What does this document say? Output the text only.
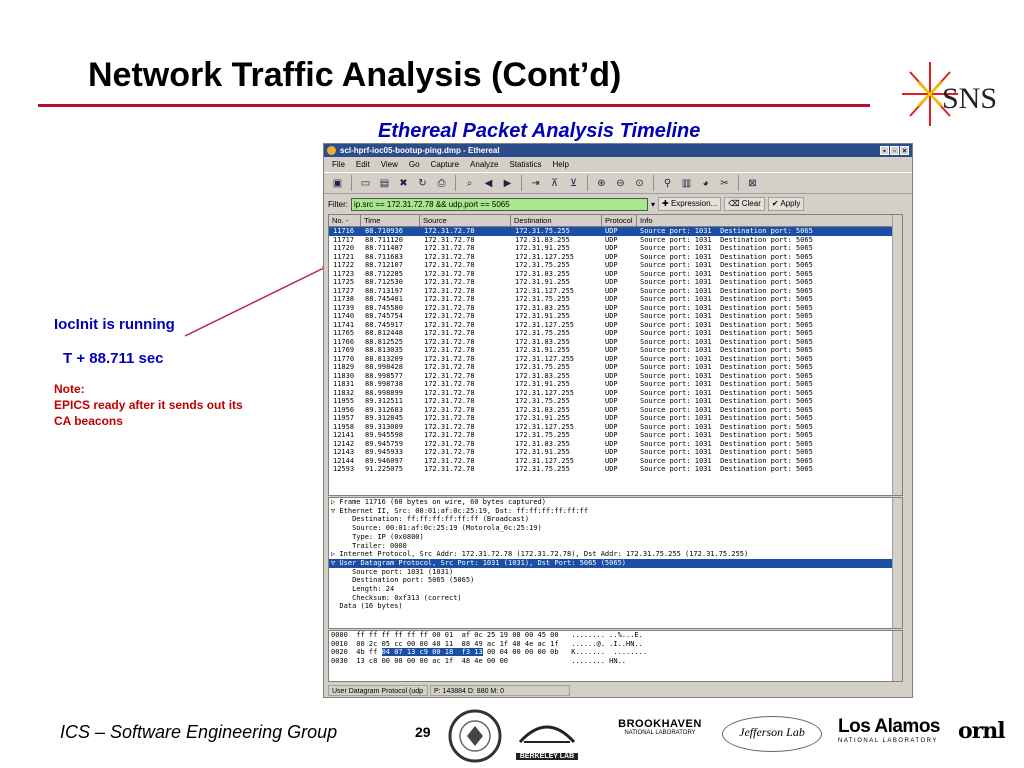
Network Traffic Analysis (Cont’d)
SNS
Ethereal Packet Analysis Timeline
IocInit is running
T + 88.711 sec
Note:
EPICS ready after it sends out its CA beacons
scl-hprf-ioc05-bootup-ping.dmp - Ethereal	▪	▫ ×
File Edit View Go Capture Analyze Statistics Help
▣ ▭ ▤	✖	↻	⎙	⌕	◀	▶	⇥	⊼	⊻	⊕	⊖	⊙	⚲	▥	◕	✂	⊠
Filter: ip.src == 172.31.72.78 && udp.port == 5065	▾ ✚ Expression...	⌫ Clear	✔ Apply
No. -	Time	Source	Destination	Protocol Info
11716	88.710936	172.31.72.78	172.31.75.255	UDP	Source port: 1031  Destination port: 5065
11717	88.711120	172.31.72.78	172.31.83.255	UDP	Source port: 1031  Destination port: 5065
11720	88.711487	172.31.72.78	172.31.91.255	UDP	Source port: 1031  Destination port: 5065
11721	88.711683	172.31.72.78	172.31.127.255	UDP	Source port: 1031  Destination port: 5065
11722	88.712107	172.31.72.78	172.31.75.255	UDP	Source port: 1031  Destination port: 5065
11723	88.712285	172.31.72.78	172.31.83.255	UDP	Source port: 1031  Destination port: 5065
11725	88.712530	172.31.72.78	172.31.91.255	UDP	Source port: 1031  Destination port: 5065
11727	88.713197	172.31.72.78	172.31.127.255	UDP	Source port: 1031  Destination port: 5065
11738	88.745401	172.31.72.78	172.31.75.255	UDP	Source port: 1031  Destination port: 5065
11739	88.745580	172.31.72.78	172.31.83.255	UDP	Source port: 1031  Destination port: 5065
11740	88.745754	172.31.72.78	172.31.91.255	UDP	Source port: 1031  Destination port: 5065
11741	88.745917	172.31.72.78	172.31.127.255	UDP	Source port: 1031  Destination port: 5065
11765	88.812448	172.31.72.78	172.31.75.255	UDP	Source port: 1031  Destination port: 5065
11766	88.812525	172.31.72.78	172.31.83.255	UDP	Source port: 1031  Destination port: 5065
11769	88.813035	172.31.72.78	172.31.91.255	UDP	Source port: 1031  Destination port: 5065
11770	88.813209	172.31.72.78	172.31.127.255	UDP	Source port: 1031  Destination port: 5065
11829	88.998428	172.31.72.78	172.31.75.255	UDP	Source port: 1031  Destination port: 5065
11830	88.998577	172.31.72.78	172.31.83.255	UDP	Source port: 1031  Destination port: 5065
11831	88.998738	172.31.72.78	172.31.91.255	UDP	Source port: 1031  Destination port: 5065
11832	88.998899	172.31.72.78	172.31.127.255	UDP	Source port: 1031  Destination port: 5065
11955	89.312511	172.31.72.78	172.31.75.255	UDP	Source port: 1031  Destination port: 5065
11956	89.312683	172.31.72.78	172.31.83.255	UDP	Source port: 1031  Destination port: 5065
11957	89.312845	172.31.72.78	172.31.91.255	UDP	Source port: 1031  Destination port: 5065
11958	89.313009	172.31.72.78	172.31.127.255	UDP	Source port: 1031  Destination port: 5065
12141	89.945598	172.31.72.78	172.31.75.255	UDP	Source port: 1031  Destination port: 5065
12142	89.945759	172.31.72.78	172.31.83.255	UDP	Source port: 1031  Destination port: 5065
12143	89.945933	172.31.72.78	172.31.91.255	UDP	Source port: 1031  Destination port: 5065
12144	89.946097	172.31.72.78	172.31.127.255	UDP	Source port: 1031  Destination port: 5065
12593	91.225075	172.31.72.78	172.31.75.255	UDP	Source port: 1031  Destination port: 5065
▷ Frame 11716 (60 bytes on wire, 60 bytes captured)
▽ Ethernet II, Src: 00:01:af:0c:25:19, Dst: ff:ff:ff:ff:ff:ff
Destination: ff:ff:ff:ff:ff:ff (Broadcast)
Source: 00:01:af:0c:25:19 (Motorola_0c:25:19)
Type: IP (0x0800)
Trailer: 0000
▷ Internet Protocol, Src Addr: 172.31.72.78 (172.31.72.78), Dst Addr: 172.31.75.255 (172.31.75.255)
▽ User Datagram Protocol, Src Port: 1031 (1031), Dst Port: 5065 (5065)
Source port: 1031 (1031)
Destination port: 5065 (5065)
Length: 24
Checksum: 0xf313 (correct)
Data (16 bytes)
0000  ff ff ff ff ff ff 00 01  af 0c 25 19 08 00 45 00   ........ ..%...E.
0010  00 2c 05 cc 00 00 40 11  88 49 ac 1f 48 4e ac 1f   ......@. .I..HN..
0020  4b ff 04 07 13 c9 00 18  f3 13 00 04 00 00 00 0b   K.......  ........
0030  13 c8 00 00 00 00 ac 1f  48 4e 00 00               ........ HN..
User Datagram Protocol (udp	P: 143884 D: 880 M: 0
ICS – Software Engineering Group	29
BERKELEY LAB
BROOKHAVEN
NATIONAL LABORATORY	Jefferson Lab	Los Alamos
NATIONAL LABORATORY ornl
